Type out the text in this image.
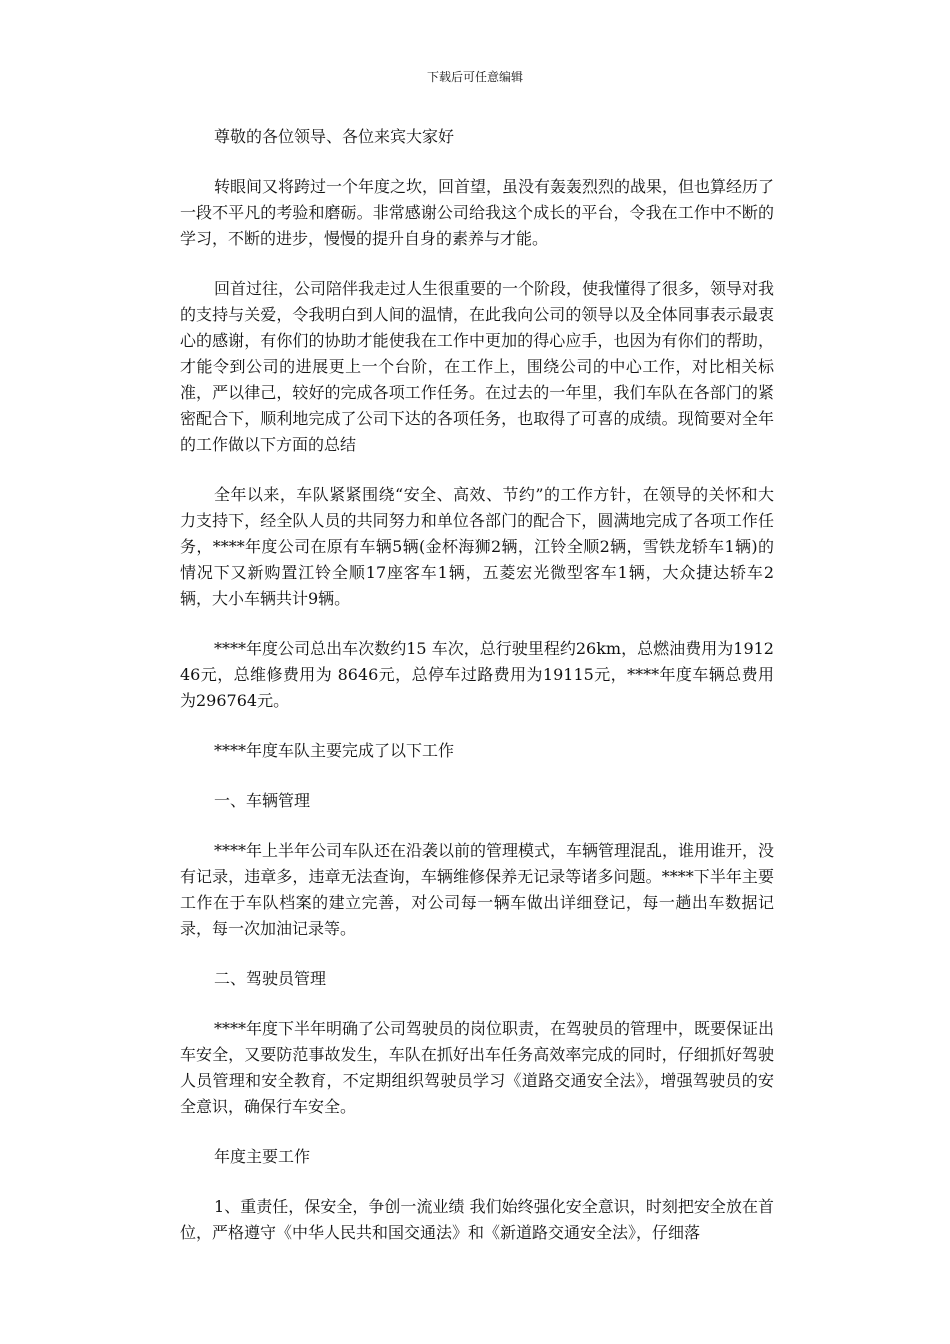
下载后可任意编辑

尊敬的各位领导、各位来宾大家好

转眼间又将跨过一个年度之坎，回首望，虽没有轰轰烈烈的战果，但也算经历了一段不平凡的考验和磨砺。非常感谢公司给我这个成长的平台，令我在工作中不断的学习，不断的进步，慢慢的提升自身的素养与才能。

回首过往，公司陪伴我走过人生很重要的一个阶段，使我懂得了很多，领导对我的支持与关爱，令我明白到人间的温情，在此我向公司的领导以及全体同事表示最衷心的感谢，有你们的协助才能使我在工作中更加的得心应手，也因为有你们的帮助，才能令到公司的进展更上一个台阶，在工作上，围绕公司的中心工作，对比相关标准，严以律己，较好的完成各项工作任务。在过去的一年里，我们车队在各部门的紧密配合下，顺利地完成了公司下达的各项任务，也取得了可喜的成绩。现简要对全年的工作做以下方面的总结

全年以来，车队紧紧围绕“安全、高效、节约”的工作方针，在领导的关怀和大力支持下，经全队人员的共同努力和单位各部门的配合下，圆满地完成了各项工作任务，****年度公司在原有车辆5辆(金杯海狮2辆，江铃全顺2辆，雪铁龙轿车1辆)的情况下又新购置江铃全顺17座客车1辆，五菱宏光微型客车1辆，大众捷达轿车2辆，大小车辆共计9辆。

****年度公司总出车次数约15 车次，总行驶里程约26km，总燃油费用为191246元，总维修费用为 8646元，总停车过路费用为19115元，****年度车辆总费用为296764元。

****年度车队主要完成了以下工作

一、车辆管理

****年上半年公司车队还在沿袭以前的管理模式，车辆管理混乱，谁用谁开，没有记录，违章多，违章无法查询，车辆维修保养无记录等诸多问题。****下半年主要工作在于车队档案的建立完善，对公司每一辆车做出详细登记，每一趟出车数据记录，每一次加油记录等。

二、驾驶员管理

****年度下半年明确了公司驾驶员的岗位职责，在驾驶员的管理中，既要保证出车安全，又要防范事故发生，车队在抓好出车任务高效率完成的同时，仔细抓好驾驶人员管理和安全教育，不定期组织驾驶员学习《道路交通安全法》，增强驾驶员的安全意识，确保行车安全。

年度主要工作

1、重责任，保安全，争创一流业绩 我们始终强化安全意识，时刻把安全放在首位，严格遵守《中华人民共和国交通法》和《新道路交通安全法》，仔细落
